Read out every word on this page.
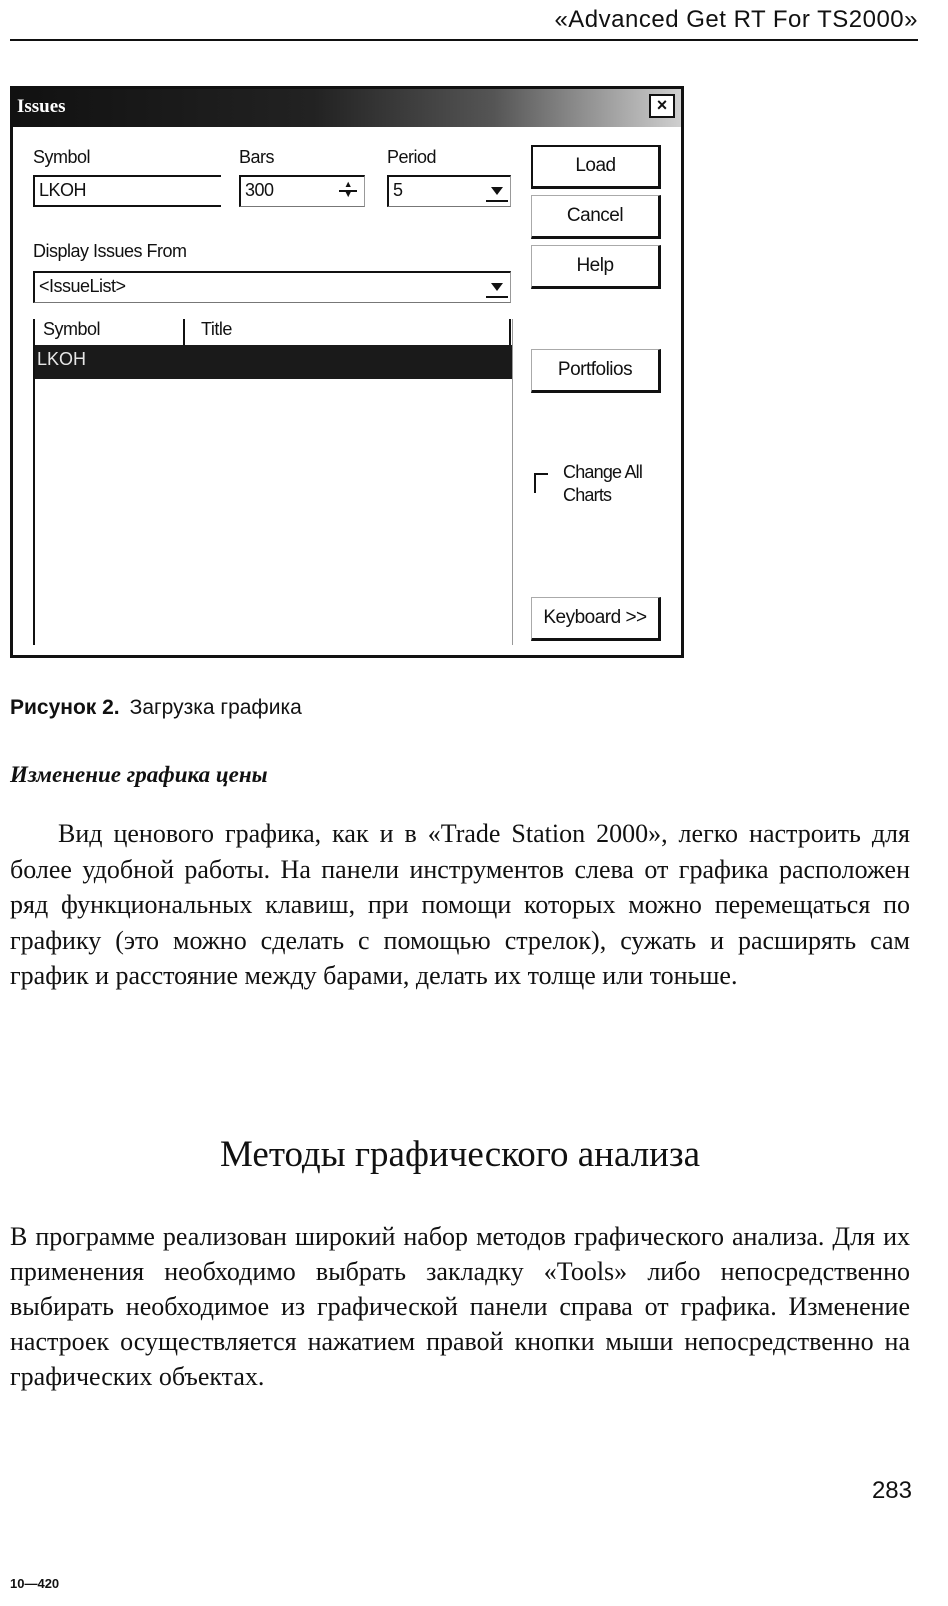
«Advanced Get RT For TS2000»
Issues	×
Symbol
LKOH
Bars
300	▲
▼
Period
5
Display Issues From
<IssueList>
Symbol	Title
LKOH
Load
Cancel
Help
Portfolios
Change All
Charts
Keyboard >>
Рисунок 2. Загрузка графика
Изменение графика цены

Вид ценового графика, как и в «Trade Station 2000», легко настроить для более удобной работы. На панели инструментов слева от графика расположен ряд функциональных клавиш, при помощи которых можно перемещаться по графику (это можно сделать с помощью стрелок), сужать и расширять сам график и расстояние между барами, делать их толще или тоньше.

Методы графического анализа

В программе реализован широкий набор методов графического анализа. Для их применения необходимо выбрать закладку «Tools» либо непосредственно выбирать необходимое из графической панели справа от графика. Изменение настроек осуществляется нажатием правой кнопки мыши непосредственно на графических объектах.

283
10—420
